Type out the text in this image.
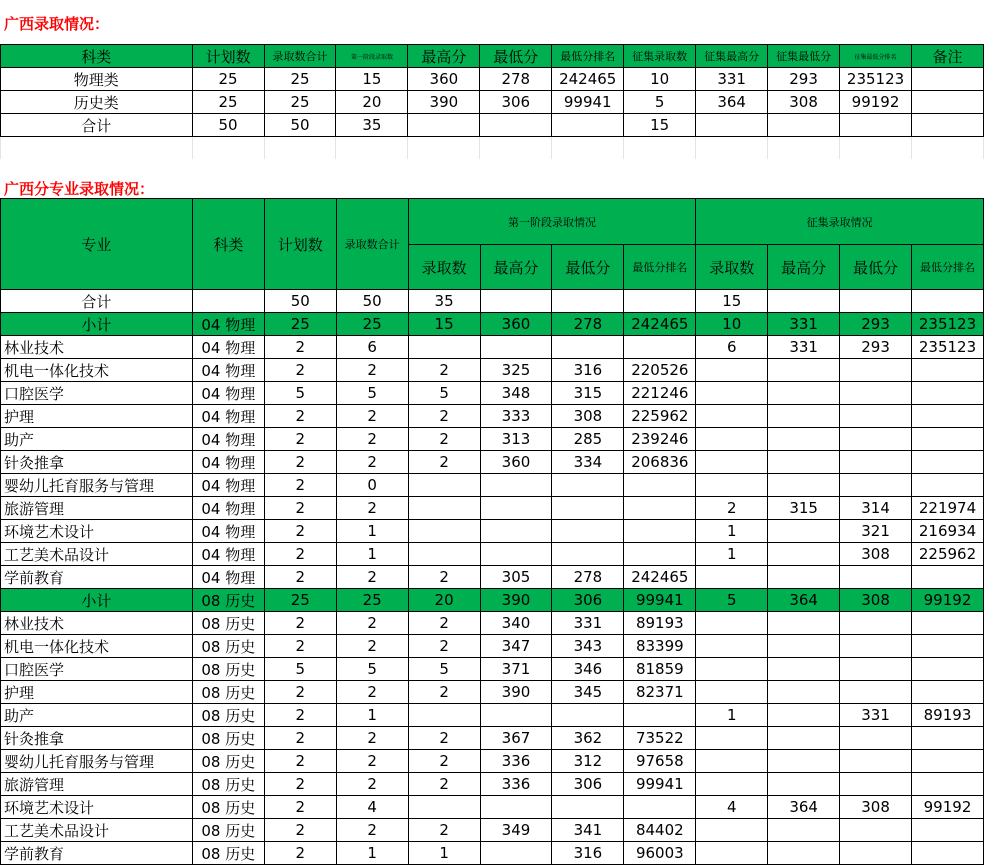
广西录取情况：
科类	计划数	录取数合计	第一阶段录取数	最高分	最低分	最低分排名	征集录取数	征集最高分	征集最低分	征集最低分排名	备注
物理类	25	25	15	360	278	242465	10	331	293	235123	
历史类	25	25	20	390	306	99941	5	364	308	99192	
合计	50	50	35				15				

广西分专业录取情况：
专业	科类	计划数	录取数合计	第一阶段录取情况				征集录取情况			
				录取数	最高分	最低分	最低分排名	录取数	最高分	最低分	最低分排名
合计		50	50	35				15			
小计	04 物理	25	25	15	360	278	242465	10	331	293	235123
林业技术	04 物理	2	6					6	331	293	235123
机电一体化技术	04 物理	2	2	2	325	316	220526				
口腔医学	04 物理	5	5	5	348	315	221246				
护理	04 物理	2	2	2	333	308	225962				
助产	04 物理	2	2	2	313	285	239246				
针灸推拿	04 物理	2	2	2	360	334	206836				
婴幼儿托育服务与管理	04 物理	2	0								
旅游管理	04 物理	2	2					2	315	314	221974
环境艺术设计	04 物理	2	1					1		321	216934
工艺美术品设计	04 物理	2	1					1		308	225962
学前教育	04 物理	2	2	2	305	278	242465				
小计	08 历史	25	25	20	390	306	99941	5	364	308	99192
林业技术	08 历史	2	2	2	340	331	89193				
机电一体化技术	08 历史	2	2	2	347	343	83399				
口腔医学	08 历史	5	5	5	371	346	81859				
护理	08 历史	2	2	2	390	345	82371				
助产	08 历史	2	1					1		331	89193
针灸推拿	08 历史	2	2	2	367	362	73522				
婴幼儿托育服务与管理	08 历史	2	2	2	336	312	97658				
旅游管理	08 历史	2	2	2	336	306	99941				
环境艺术设计	08 历史	2	4					4	364	308	99192
工艺美术品设计	08 历史	2	2	2	349	341	84402				
学前教育	08 历史	2	1	1		316	96003				
